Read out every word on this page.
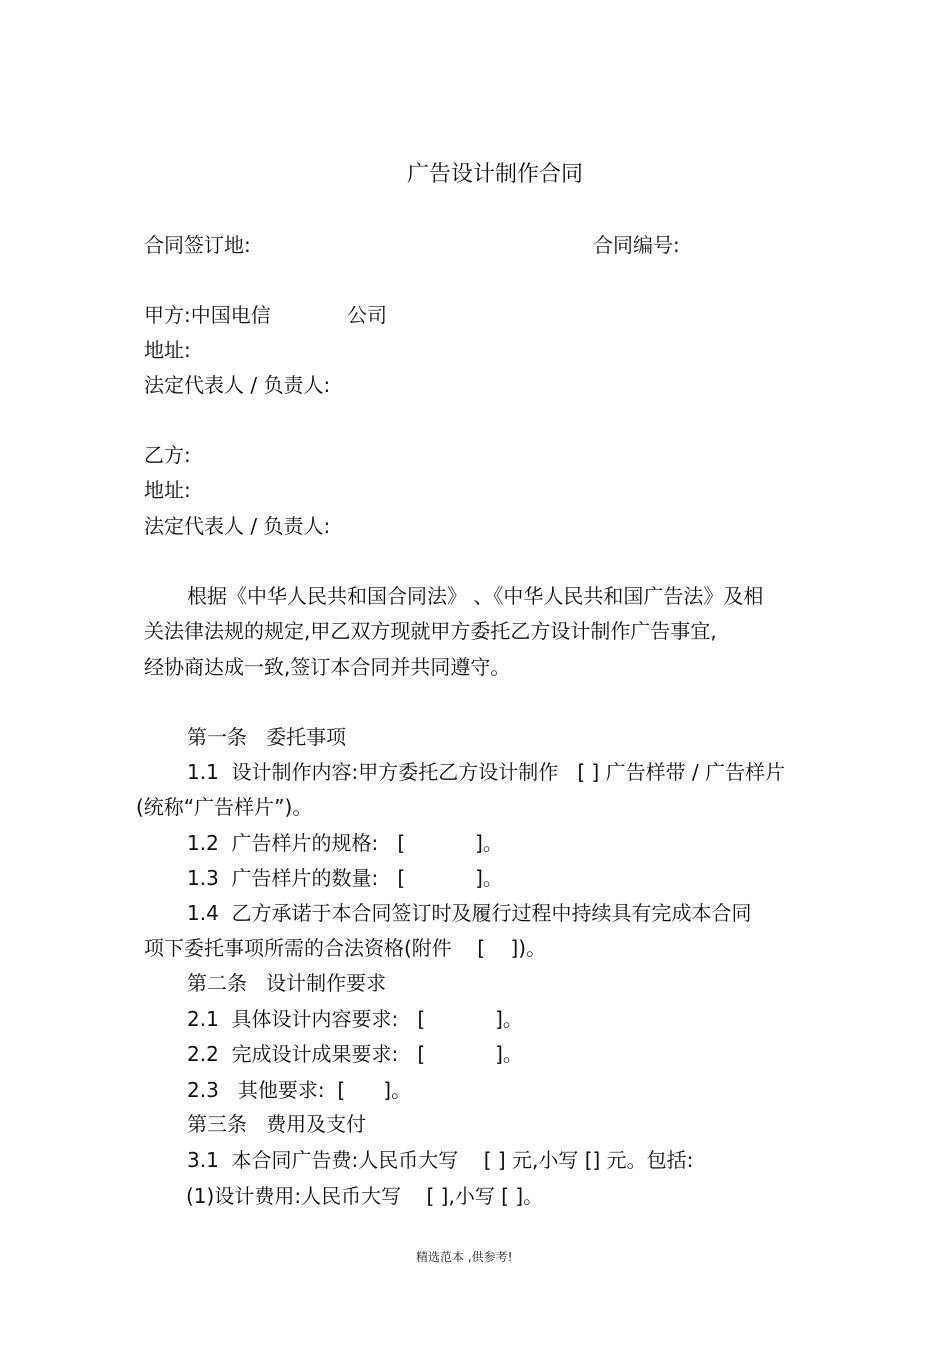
广告设计制作合同
合同签订地:	合同编号:
甲方:中国电信            公司
地址:
法定代表人 / 负责人:
乙方:
地址:
法定代表人 / 负责人:
根据《中华人民共和国合同法》 、《中华人民共和国广告法》及相
关法律法规的规定,甲乙双方现就甲方委托乙方设计制作广告事宜,
经协商达成一致,签订本合同并共同遵守。
第一条   委托事项
1.1  设计制作内容:甲方委托乙方设计制作   [ ] 广告样带 / 广告样片
(统称“广告样片”)。
1.2  广告样片的规格:   [           ]。
1.3  广告样片的数量:   [           ]。
1.4  乙方承诺于本合同签订时及履行过程中持续具有完成本合同
项下委托事项所需的合法资格(附件    [    ])。
第二条   设计制作要求
2.1  具体设计内容要求:   [           ]。
2.2  完成设计成果要求:   [           ]。
2.3   其他要求:  [      ]。
第三条   费用及支付
3.1  本合同广告费:人民币大写    [ ] 元,小写 [] 元。包括:
(1)设计费用:人民币大写    [ ],小写 [ ]。
精选范本 ,供参考!
